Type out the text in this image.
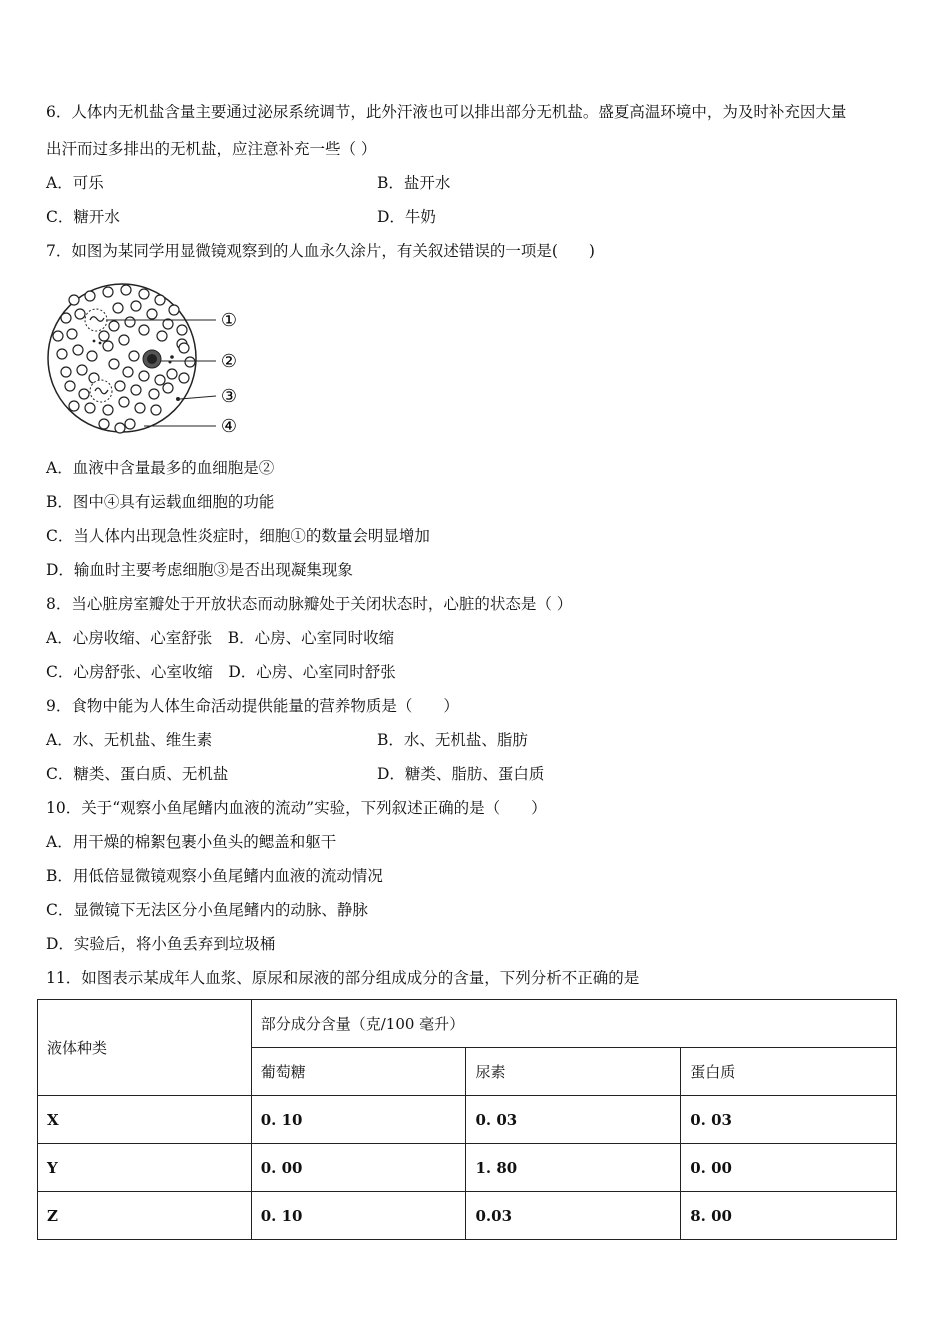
6．人体内无机盐含量主要通过泌尿系统调节，此外汗液也可以排出部分无机盐。盛夏高温环境中，为及时补充因大量
出汗而过多排出的无机盐，应注意补充一些（ ）
A．可乐	B．盐开水
C．糖开水	D．牛奶
7．如图为某同学用显微镜观察到的人血永久涂片，有关叙述错误的一项是(　　)
①
②
③
④
A．血液中含量最多的血细胞是②
B．图中④具有运载血细胞的功能
C．当人体内出现急性炎症时，细胞①的数量会明显增加
D．输血时主要考虑细胞③是否出现凝集现象
8．当心脏房室瓣处于开放状态而动脉瓣处于关闭状态时，心脏的状态是（ ）
A．心房收缩、心室舒张　B．心房、心室同时收缩
C．心房舒张、心室收缩　D．心房、心室同时舒张
9．食物中能为人体生命活动提供能量的营养物质是（　　）
A．水、无机盐、维生素	B．水、无机盐、脂肪
C．糖类、蛋白质、无机盐	D．糖类、脂肪、蛋白质
10．关于“观察小鱼尾鳍内血液的流动”实验，下列叙述正确的是（　　）
A．用干燥的棉絮包裹小鱼头的鳃盖和躯干
B．用低倍显微镜观察小鱼尾鳍内血液的流动情况
C．显微镜下无法区分小鱼尾鳍内的动脉、静脉
D．实验后，将小鱼丢弃到垃圾桶
11．如图表示某成年人血浆、原尿和尿液的部分组成成分的含量，下列分析不正确的是
液体种类	部分成分含量（克/100 毫升）		
	葡萄糖	尿素	蛋白质
X	0. 10	0. 03	0. 03
Y	0. 00	1. 80	0. 00
Z	0. 10	0.03	8. 00
